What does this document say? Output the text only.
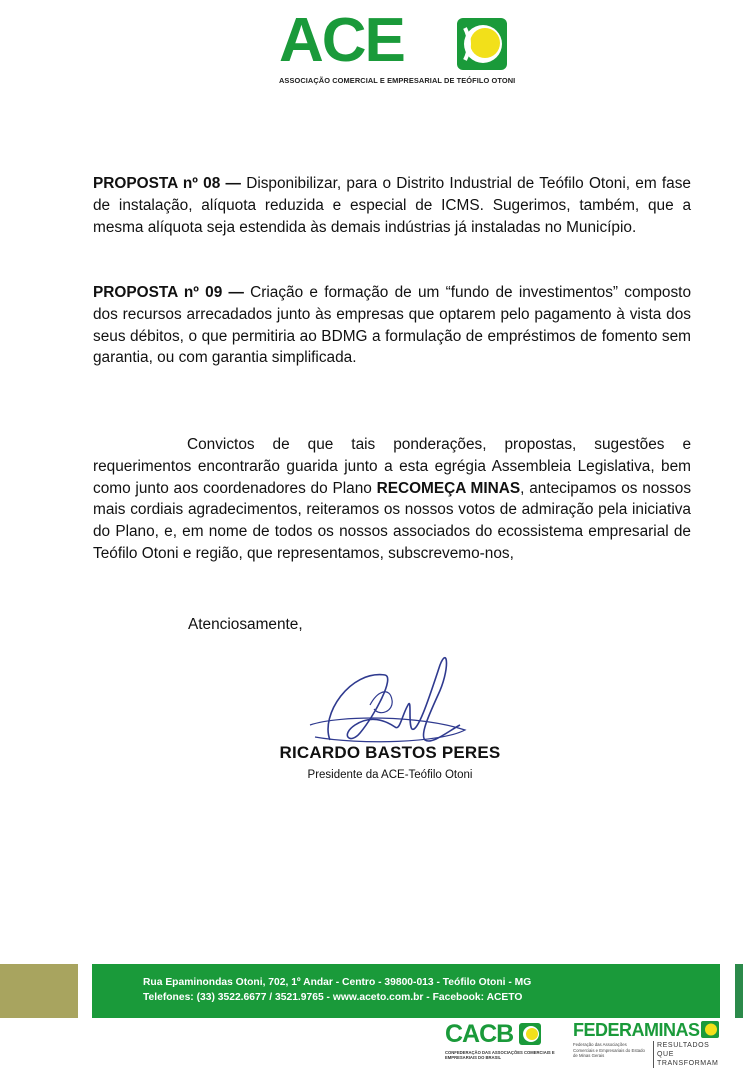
ACE
ASSOCIAÇÃO COMERCIAL E EMPRESARIAL DE TEÓFILO OTONI

PROPOSTA nº 08 — Disponibilizar, para o Distrito Industrial de Teófilo Otoni, em fase de instalação, alíquota reduzida e especial de ICMS. Sugerimos, também, que a mesma alíquota seja estendida às demais indústrias já instaladas no Município.

PROPOSTA nº 09 — Criação e formação de um “fundo de investimentos” composto dos recursos arrecadados junto às empresas que optarem pelo pagamento à vista dos seus débitos, o que permitiria ao BDMG a formulação de empréstimos de fomento sem garantia, ou com garantia simplificada.

Convictos de que tais ponderações, propostas, sugestões e requerimentos encontrarão guarida junto a esta egrégia Assembleia Legislativa, bem como junto aos coordenadores do Plano RECOMEÇA MINAS, antecipamos os nossos mais cordiais agradecimentos, reiteramos os nossos votos de admiração pela iniciativa do Plano, e, em nome de todos os nossos associados do ecossistema empresarial de Teófilo Otoni e região, que representamos, subscrevemo-nos,

Atenciosamente,
RICARDO BASTOS PERES
Presidente da ACE-Teófilo Otoni
Rua Epaminondas Otoni, 702, 1º Andar - Centro - 39800-013 - Teófilo Otoni - MG
Telefones: (33) 3522.6677 / 3521.9765 - www.aceto.com.br - Facebook: ACETO
CACB
CONFEDERAÇÃO DAS ASSOCIAÇÕES COMERCIAIS E EMPRESARIAIS DO BRASIL
FEDERAMINAS
Federação das Associações Comerciais e Empresariais do Estado de Minas Gerais
RESULTADOS QUE
TRANSFORMAM
